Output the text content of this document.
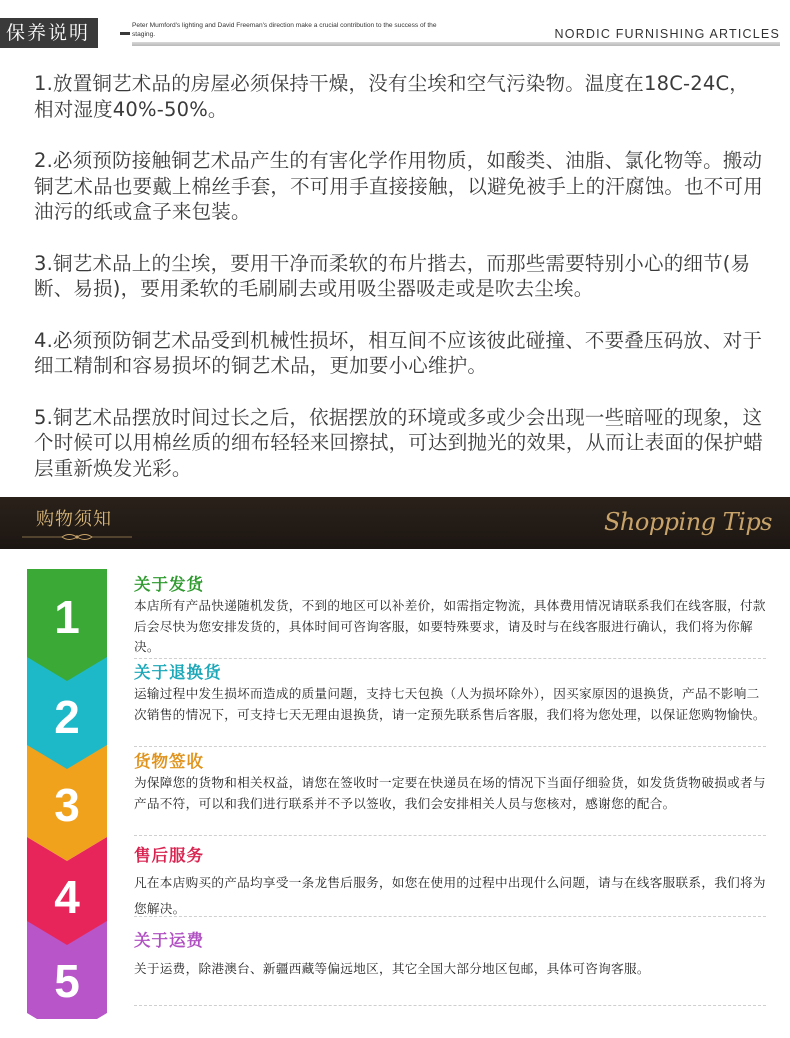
保养说明	Peter Mumford's lighting and David Freeman's direction make a crucial contribution to the success of the staging.	NORDIC FURNISHING ARTICLES

1.放置铜艺术品的房屋必须保持干燥，没有尘埃和空气污染物。温度在18C-24C，相对湿度40%-50%。

2.必须预防接触铜艺术品产生的有害化学作用物质，如酸类、油脂、氯化物等。搬动铜艺术品也要戴上棉丝手套，不可用手直接接触，以避免被手上的汗腐蚀。也不可用油污的纸或盒子来包装。

3.铜艺术品上的尘埃，要用干净而柔软的布片揩去，而那些需要特别小心的细节(易断、易损)，要用柔软的毛刷刷去或用吸尘器吸走或是吹去尘埃。

4.必须预防铜艺术品受到机械性损坏，相互间不应该彼此碰撞、不要叠压码放、对于细工精制和容易损坏的铜艺术品，更加要小心维护。

5.铜艺术品摆放时间过长之后，依据摆放的环境或多或少会出现一些暗哑的现象，这个时候可以用棉丝质的细布轻轻来回擦拭，可达到抛光的效果，从而让表面的保护蜡层重新焕发光彩。

购物须知	Shopping Tips
1
2
3
4
5
关于发货
本店所有产品快递随机发货，不到的地区可以补差价，如需指定物流，具体费用情况请联系我们在线客服，付款后会尽快为您安排发货的，具体时间可咨询客服，如要特殊要求，请及时与在线客服进行确认，我们将为你解决。
关于退换货
运输过程中发生损坏而造成的质量问题，支持七天包换（人为损坏除外），因买家原因的退换货，产品不影响二次销售的情况下，可支持七天无理由退换货，请一定预先联系售后客服，我们将为您处理，以保证您购物愉快。
货物签收
为保障您的货物和相关权益，请您在签收时一定要在快递员在场的情况下当面仔细验货，如发货货物破损或者与产品不符，可以和我们进行联系并不予以签收，我们会安排相关人员与您核对，感谢您的配合。
售后服务
凡在本店购买的产品均享受一条龙售后服务，如您在使用的过程中出现什么问题，请与在线客服联系，我们将为您解决。
关于运费
关于运费，除港澳台、新疆西藏等偏远地区，其它全国大部分地区包邮，具体可咨询客服。
